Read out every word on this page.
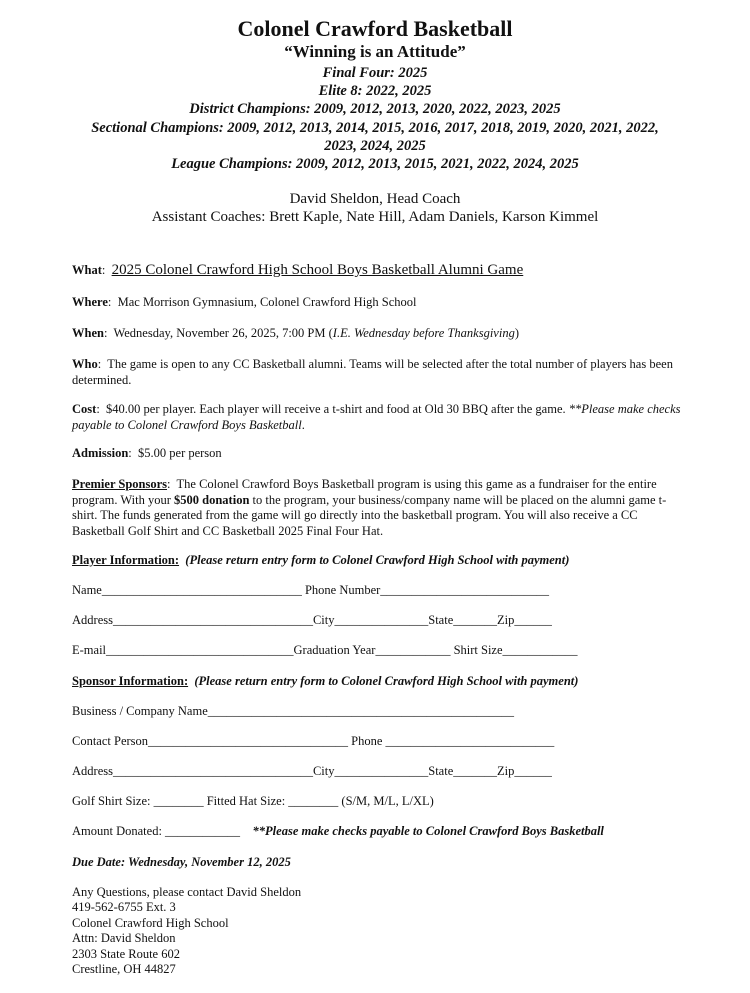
Colonel Crawford Basketball
“Winning is an Attitude”
Final Four: 2025
Elite 8: 2022, 2025
District Champions: 2009, 2012, 2013, 2020, 2022, 2023, 2025
Sectional Champions: 2009, 2012, 2013, 2014, 2015, 2016, 2017, 2018, 2019, 2020, 2021, 2022,
2023, 2024, 2025
League Champions: 2009, 2012, 2013, 2015, 2021, 2022, 2024, 2025
David Sheldon, Head Coach
Assistant Coaches: Brett Kaple, Nate Hill, Adam Daniels, Karson Kimmel
What:  2025 Colonel Crawford High School Boys Basketball Alumni Game
Where:  Mac Morrison Gymnasium, Colonel Crawford High School
When:  Wednesday, November 26, 2025, 7:00 PM (I.E. Wednesday before Thanksgiving)
Who:  The game is open to any CC Basketball alumni. Teams will be selected after the total number of players has been determined.
Cost:  $40.00 per player. Each player will receive a t-shirt and food at Old 30 BBQ after the game. **Please make checks payable to Colonel Crawford Boys Basketball.
Admission:  $5.00 per person
Premier Sponsors:  The Colonel Crawford Boys Basketball program is using this game as a fundraiser for the entire program. With your $500 donation to the program, your business/company name will be placed on the alumni game t-shirt. The funds generated from the game will go directly into the basketball program. You will also receive a CC Basketball Golf Shirt and CC Basketball 2025 Final Four Hat.
Player Information: (Please return entry form to Colonel Crawford High School with payment)
Name________________________________ Phone Number___________________________
Address________________________________City_______________State_______Zip______
E-mail______________________________Graduation Year____________ Shirt Size____________
Sponsor Information: (Please return entry form to Colonel Crawford High School with payment)
Business / Company Name_________________________________________________
Contact Person________________________________ Phone ___________________________
Address________________________________City_______________State_______Zip______
Golf Shirt Size: ________ Fitted Hat Size: ________ (S/M, M/L, L/XL)
Amount Donated: ____________ **Please make checks payable to Colonel Crawford Boys Basketball
Due Date: Wednesday, November 12, 2025
Any Questions, please contact David Sheldon
419-562-6755 Ext. 3
Colonel Crawford High School
Attn: David Sheldon
2303 State Route 602
Crestline, OH 44827
